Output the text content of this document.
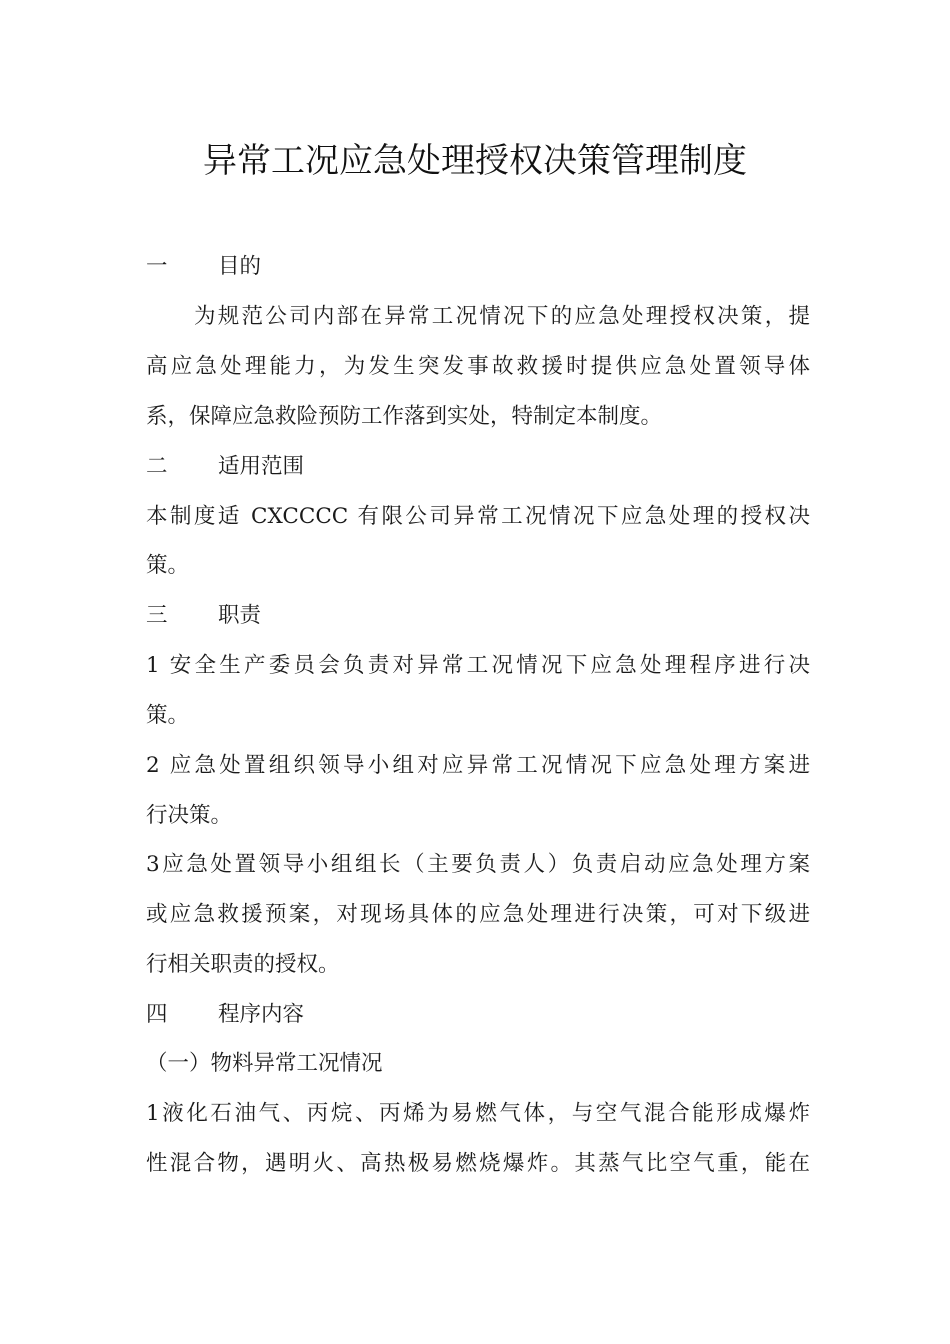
异常工况应急处理授权决策管理制度
一 目的
为规范公司内部在异常工况情况下的应急处理授权决策，提
高应急处理能力，为发生突发事故救援时提供应急处置领导体
系，保障应急救险预防工作落到实处，特制定本制度。
二 适用范围
本制度适 CXCCCC 有限公司异常工况情况下应急处理的授权决
策。
三 职责
1 安全生产委员会负责对异常工况情况下应急处理程序进行决
策。
2 应急处置组织领导小组对应异常工况情况下应急处理方案进
行决策。
3应急处置领导小组组长（主要负责人）负责启动应急处理方案
或应急救援预案，对现场具体的应急处理进行决策，可对下级进
行相关职责的授权。
四 程序内容
（一）物料异常工况情况
1液化石油气、丙烷、丙烯为易燃气体，与空气混合能形成爆炸
性混合物，遇明火、高热极易燃烧爆炸。其蒸气比空气重，能在
